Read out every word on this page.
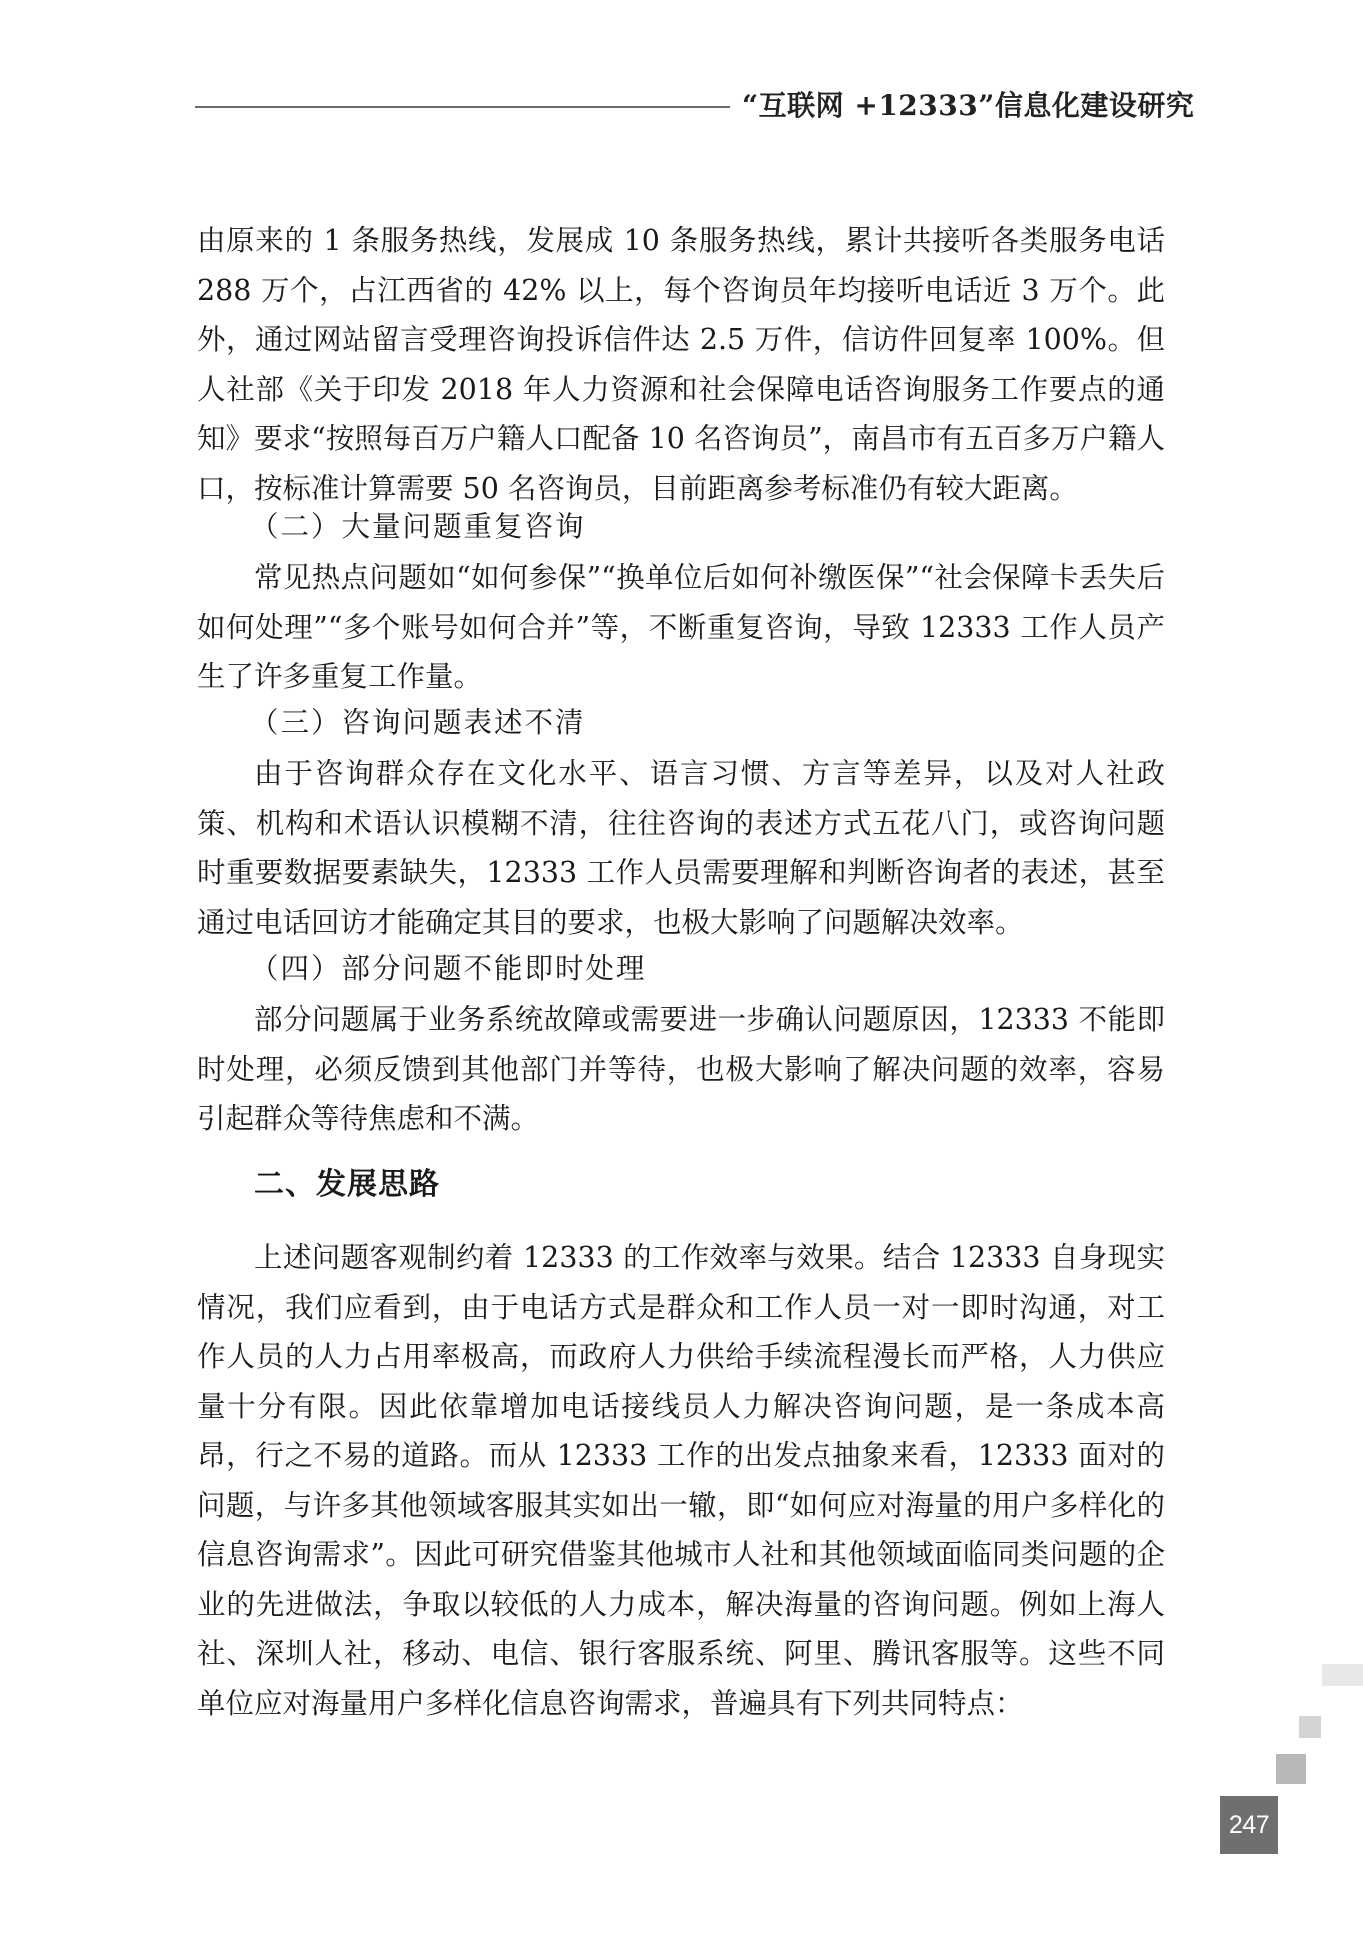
“互联网 +12333”信息化建设研究

由原来的 1 条服务热线，发展成 10 条服务热线，累计共接听各类服务电话 288 万个，占江西省的 42% 以上，每个咨询员年均接听电话近 3 万个。此外，通过网站留言受理咨询投诉信件达 2.5 万件，信访件回复率 100%。但人社部《关于印发 2018 年人力资源和社会保障电话咨询服务工作要点的通知》要求“按照每百万户籍人口配备 10 名咨询员”，南昌市有五百多万户籍人口，按标准计算需要 50 名咨询员，目前距离参考标准仍有较大距离。

（二）大量问题重复咨询

常见热点问题如“如何参保”“换单位后如何补缴医保”“社会保障卡丢失后如何处理”“多个账号如何合并”等，不断重复咨询，导致 12333 工作人员产生了许多重复工作量。

（三）咨询问题表述不清

由于咨询群众存在文化水平、语言习惯、方言等差异，以及对人社政策、机构和术语认识模糊不清，往往咨询的表述方式五花八门，或咨询问题时重要数据要素缺失，12333 工作人员需要理解和判断咨询者的表述，甚至通过电话回访才能确定其目的要求，也极大影响了问题解决效率。

（四）部分问题不能即时处理

部分问题属于业务系统故障或需要进一步确认问题原因，12333 不能即时处理，必须反馈到其他部门并等待，也极大影响了解决问题的效率，容易引起群众等待焦虑和不满。

二、发展思路

上述问题客观制约着 12333 的工作效率与效果。结合 12333 自身现实情况，我们应看到，由于电话方式是群众和工作人员一对一即时沟通，对工作人员的人力占用率极高，而政府人力供给手续流程漫长而严格，人力供应量十分有限。因此依靠增加电话接线员人力解决咨询问题，是一条成本高昂，行之不易的道路。而从 12333 工作的出发点抽象来看，12333 面对的问题，与许多其他领域客服其实如出一辙，即“如何应对海量的用户多样化的信息咨询需求”。因此可研究借鉴其他城市人社和其他领域面临同类问题的企业的先进做法，争取以较低的人力成本，解决海量的咨询问题。例如上海人社、深圳人社，移动、电信、银行客服系统、阿里、腾讯客服等。这些不同单位应对海量用户多样化信息咨询需求，普遍具有下列共同特点：

247
